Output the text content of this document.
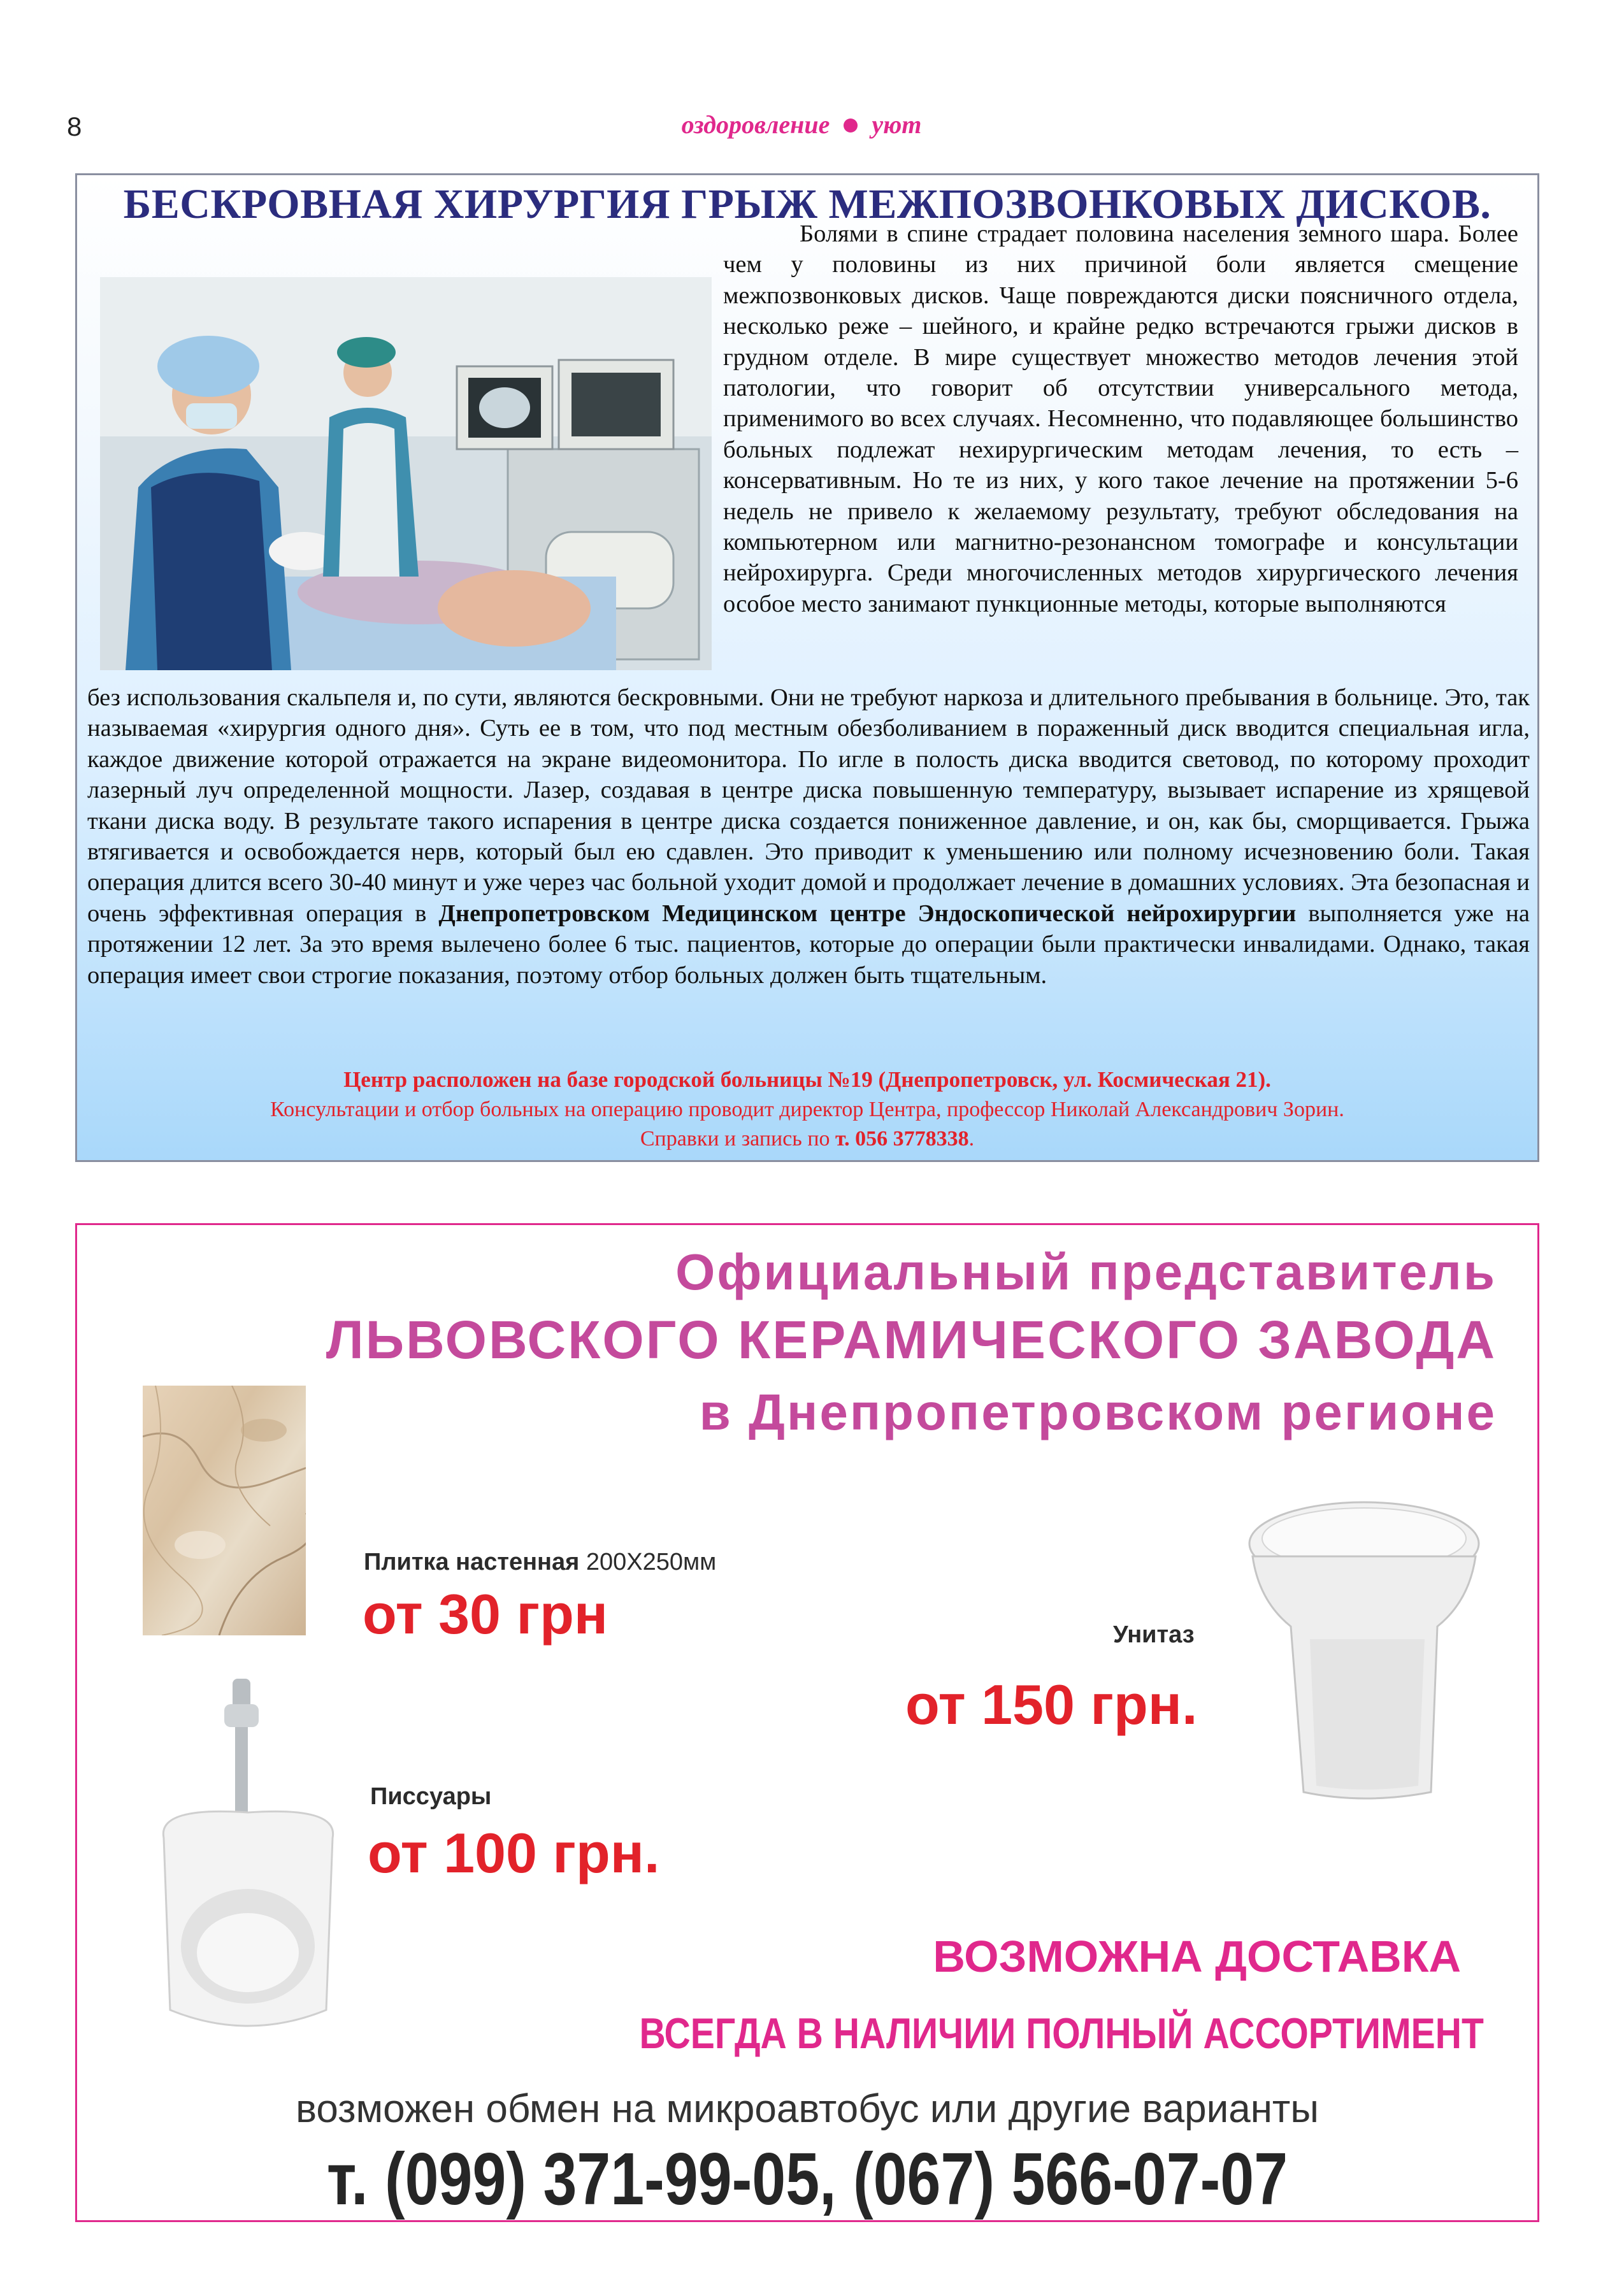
8	оздоровление уют
БЕСКРОВНАЯ ХИРУРГИЯ ГРЫЖ МЕЖПОЗВОНКОВЫХ ДИСКОВ.
Болями в спине страдает половина населения земного шара. Более чем у половины из них причиной боли является смещение межпозвонковых дисков. Чаще повреждаются диски поясничного отдела, несколько реже – шейного, и крайне редко встречаются грыжи дисков в грудном отделе. В мире существует множество методов лечения этой патологии, что говорит об отсутствии универсального метода, применимого во всех случаях. Несомненно, что подавляющее большинство больных подлежат нехирургическим методам лечения, то есть – консервативным. Но те из них, у кого такое лечение на протяжении 5-6 недель не привело к желаемому результату, требуют обследования на компьютерном или магнитно-резонансном томографе и консультации нейрохирурга. Среди многочисленных методов хирургического лечения особое место занимают пункционные методы, которые выполняются
без использования скальпеля и, по сути, являются бескровными. Они не требуют наркоза и длительного пребывания в больнице. Это, так называемая «хирургия одного дня». Суть ее в том, что под местным обезболиванием в пораженный диск вводится специальная игла, каждое движение которой отражается на экране видеомонитора. По игле в полость диска вводится световод, по которому проходит лазерный луч определенной мощности. Лазер, создавая в центре диска повышенную температуру, вызывает испарение из хрящевой ткани диска воду. В результате такого испарения в центре диска создается пониженное давление, и он, как бы, сморщивается. Грыжа втягивается и освобождается нерв, который был ею сдавлен. Это приводит к уменьшению или полному исчезновению боли. Такая операция длится всего 30-40 минут и уже через час больной уходит домой и продолжает лечение в домашних условиях. Эта безопасная и очень эффективная операция в Днепропетровском Медицинском центре Эндоскопической нейрохирургии выполняется уже на протяжении 12 лет. За это время вылечено более 6 тыс. пациентов, которые до операции были практически инвалидами. Однако, такая операция имеет свои строгие показания, поэтому отбор больных должен быть тщательным.
Центр расположен на базе городской больницы №19 (Днепропетровск, ул. Космическая 21).
Консультации и отбор больных на операцию проводит директор Центра, профессор Николай Александрович Зорин.
Справки и запись по т. 056 3778338.
Официальный представитель
ЛЬВОВСКОГО КЕРАМИЧЕСКОГО ЗАВОДА
в Днепропетровском регионе
Плитка настенная 200Х250мм
от 30 грн	Унитаз
от 150 грн.
Писсуары
от 100 грн.
ВОЗМОЖНА ДОСТАВКА
ВСЕГДА В НАЛИЧИИ ПОЛНЫЙ АССОРТИМЕНТ
возможен обмен на микроавтобус или другие варианты
т. (099) 371-99-05, (067) 566-07-07
